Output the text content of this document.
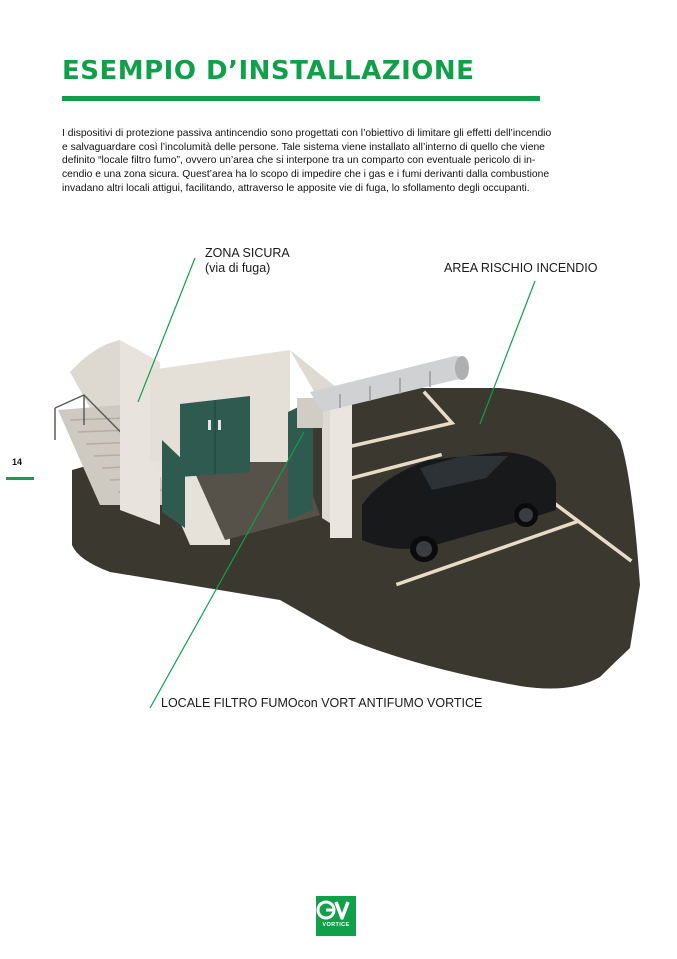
ESEMPIO D’INSTALLAZIONE

I dispositivi di protezione passiva antincendio sono progettati con l’obiettivo di limitare gli effetti dell’incendio
e salvaguardare così l’incolumità delle persone. Tale sistema viene installato all’interno di quello che viene
definito “locale filtro fumo”, ovvero un’area che si interpone tra un comparto con eventuale pericolo di in-
cendio e una zona sicura. Quest’area ha lo scopo di impedire che i gas e i fumi derivanti dalla combustione
invadano altri locali attigui, facilitando, attraverso le apposite vie di fuga, lo sfollamento degli occupanti.

14
ZONA SICURA
(via di fuga)	AREA RISCHIO INCENDIO
LOCALE FILTRO FUMOcon VORT ANTIFUMO VORTICE
VORTICE
